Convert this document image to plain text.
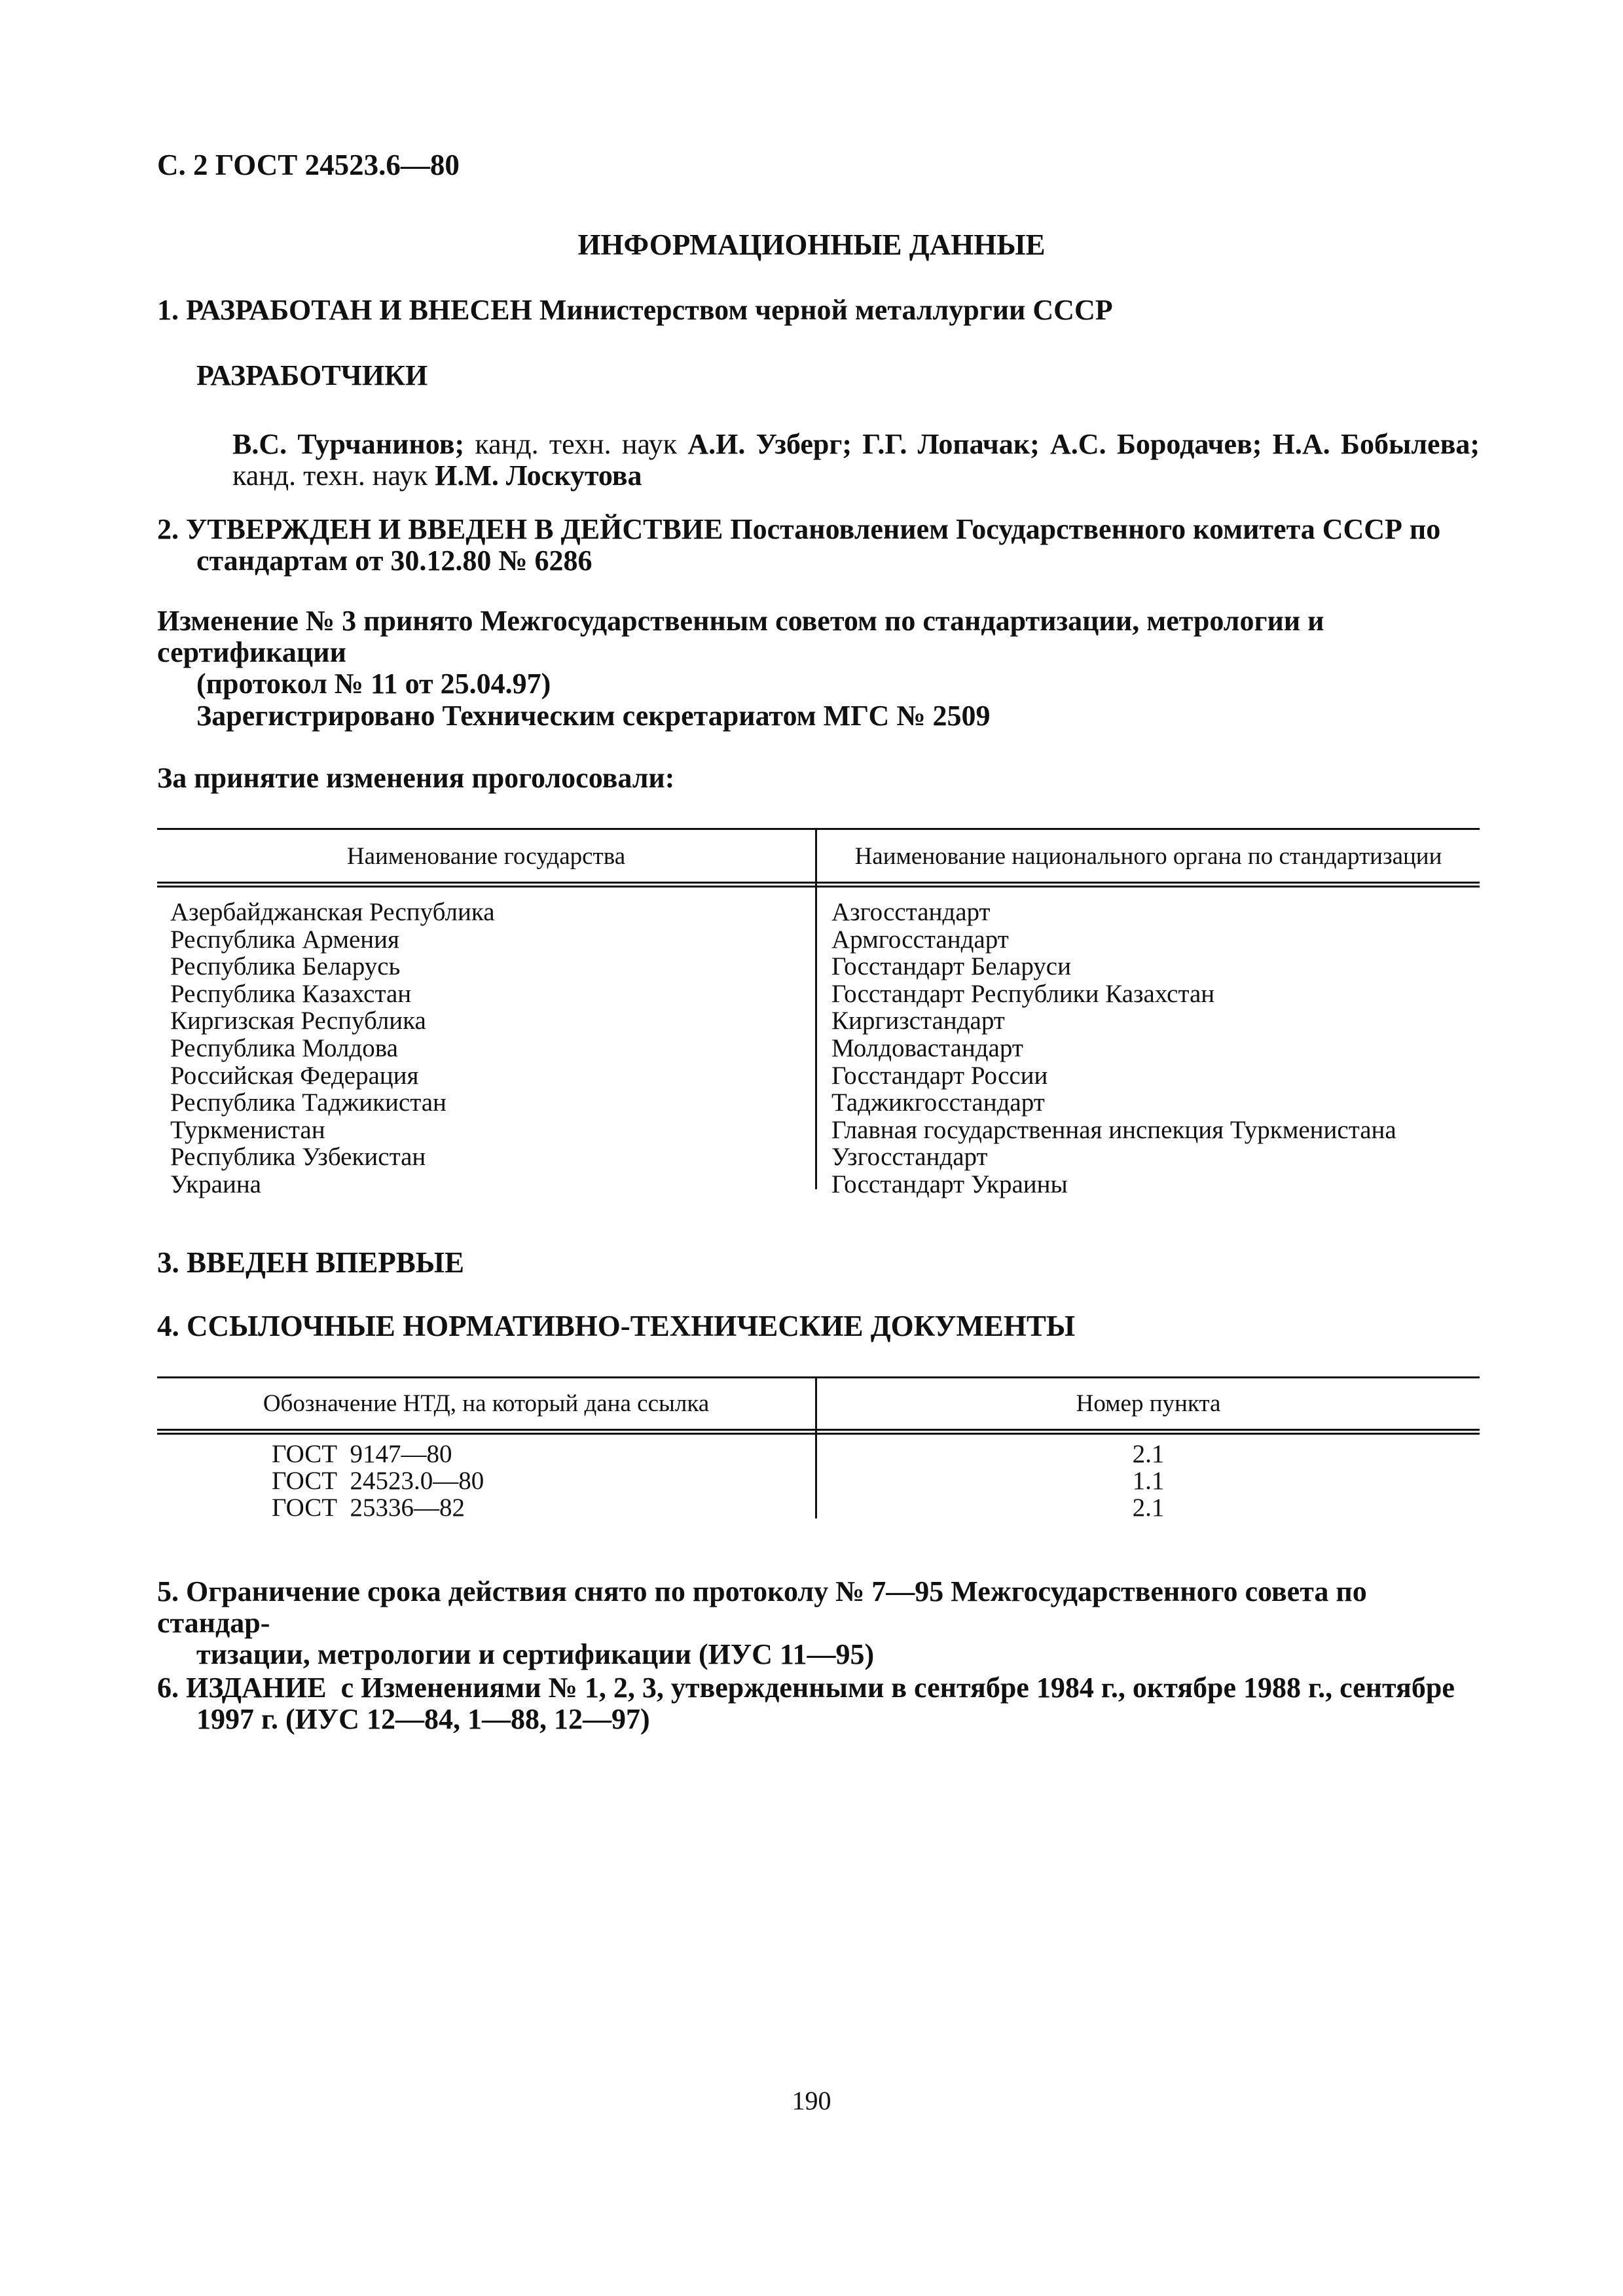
С. 2 ГОСТ 24523.6—80
ИНФОРМАЦИОННЫЕ ДАННЫЕ
1. РАЗРАБОТАН И ВНЕСЕН Министерством черной металлургии СССР
РАЗРАБОТЧИКИ
В.С. Турчанинов; канд. техн. наук А.И. Узберг; Г.Г. Лопачак; А.С. Бородачев; Н.А. Бобылева; канд. техн. наук И.М. Лоскутова
2. УТВЕРЖДЕН И ВВЕДЕН В ДЕЙСТВИЕ Постановлением Государственного комитета СССР по
стандартам от 30.12.80 № 6286
Изменение № 3 принято Межгосударственным советом по стандартизации, метрологии и сертификации
(протокол № 11 от 25.04.97)
Зарегистрировано Техническим секретариатом МГС № 2509
За принятие изменения проголосовали:
Наименование государства	Наименование национального органа по стандартизации
Азербайджанская Республика
Республика Армения
Республика Беларусь
Республика Казахстан
Киргизская Республика
Республика Молдова
Российская Федерация
Республика Таджикистан
Туркменистан
Республика Узбекистан
Украина
Азгосстандарт
Армгосстандарт
Госстандарт Беларуси
Госстандарт Республики Казахстан
Киргизстандарт
Молдовастандарт
Госстандарт России
Таджикгосстандарт
Главная государственная инспекция Туркменистана
Узгосстандарт
Госстандарт Украины
3. ВВЕДЕН ВПЕРВЫЕ
4. ССЫЛОЧНЫЕ НОРМАТИВНО-ТЕХНИЧЕСКИЕ ДОКУМЕНТЫ
Обозначение НТД, на который дана ссылка	Номер пункта
ГОСТ  9147—80
ГОСТ  24523.0—80
ГОСТ  25336—82
2.1
1.1
2.1
5. Ограничение срока действия снято по протоколу № 7—95 Межгосударственного совета по стандар-
тизации, метрологии и сертификации (ИУС 11—95)
6. ИЗДАНИЕ  с Изменениями № 1, 2, 3, утвержденными в сентябре 1984 г., октябре 1988 г., сентябре
1997 г. (ИУС 12—84, 1—88, 12—97)
190
